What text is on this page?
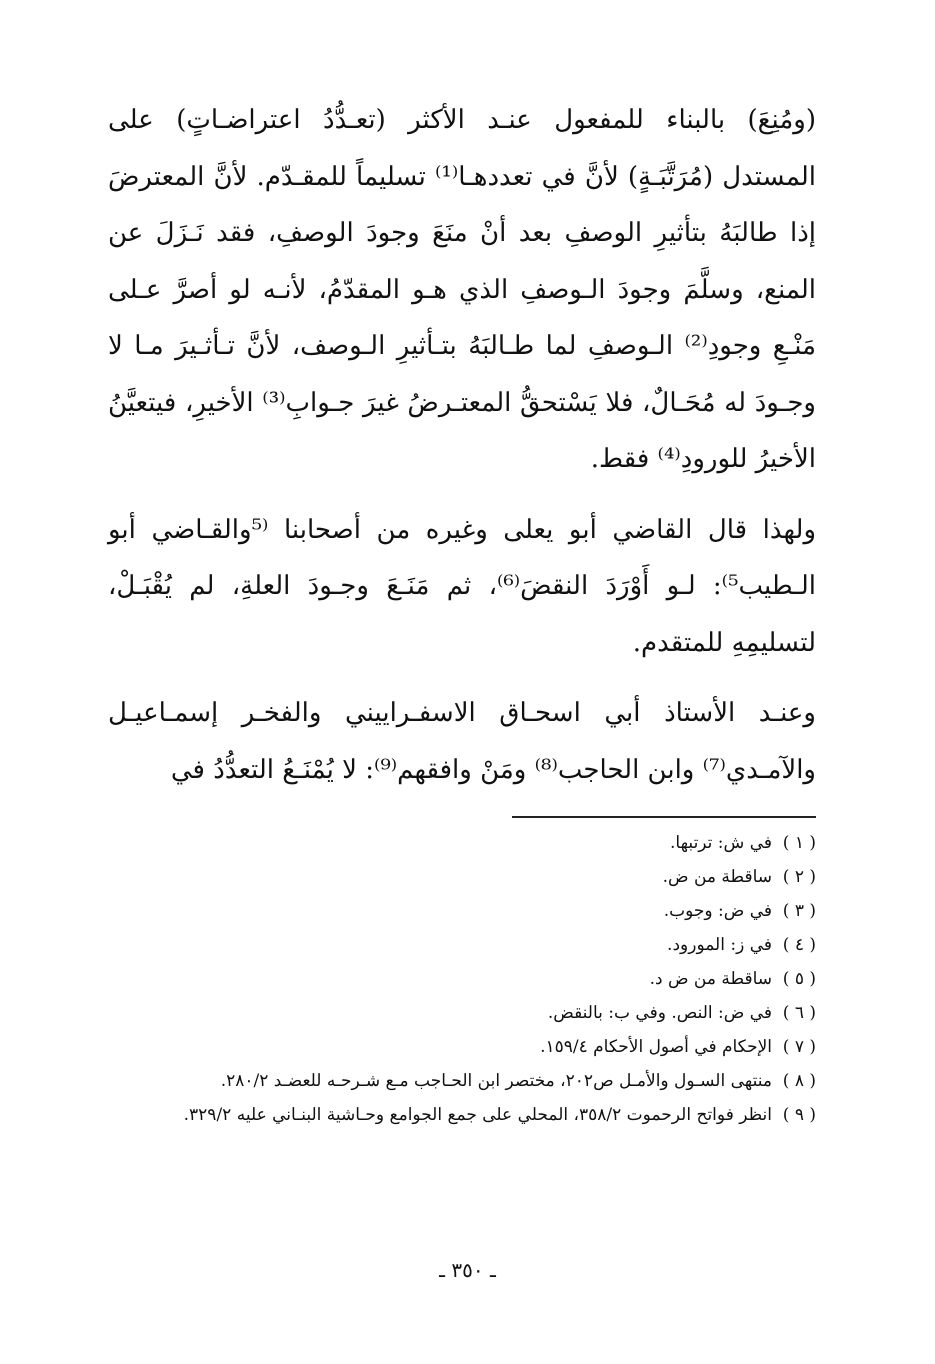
(ومُنِعَ) بالبناء للمفعول عنـد الأكثر (تعـدُّدُ اعتراضـاتٍ) على المستدل (مُرَتَّبَـةٍ) لأنَّ في تعددهـا⁽¹⁾ تسليماً للمقـدّم. لأنَّ المعترضَ إذا طالبَهُ بتأثيرِ الوصفِ بعد أنْ منَعَ وجودَ الوصفِ، فقد نَـزَلَ عن المنع، وسلَّمَ وجودَ الـوصفِ الذي هـو المقدّمُ، لأنـه لو أصرَّ عـلى مَنْـعِ وجودِ⁽²⁾ الـوصفِ لما طـالبَهُ بتـأثيرِ الـوصف، لأنَّ تـأثـيرَ مـا لا وجـودَ له مُحَـالٌ، فلا يَسْتحقُّ المعتـرضُ غيرَ جـوابِ⁽³⁾ الأخيرِ، فيتعيَّنُ الأخيرُ للورودِ⁽⁴⁾ فقط.

ولهذا قال القاضي أبو يعلى وغيره من أصحابنا ⁽⁵والقـاضي أبو الـطيب⁵⁾: لـو أَوْرَدَ النقضَ⁽⁶⁾، ثم مَنَـعَ وجـودَ العلةِ، لم يُقْبَـلْ، لتسليمِهِ للمتقدم.

وعنـد الأستاذ أبي اسحـاق الاسفـراييني والفخـر إسمـاعيـل والآمـدي⁽⁷⁾ وابن الحاجب⁽⁸⁾ ومَنْ وافقهم⁽⁹⁾: لا يُمْنَـعُ التعدُّدُ في

( ١ )
في ش: ترتبها.
( ٢ )
ساقطة من ض.
( ٣ )
في ض: وجوب.
( ٤ )
في ز: المورود.
( ٥ )
ساقطة من ض د.
( ٦ )
في ض: النص. وفي ب: بالنقض.
( ٧ )
الإحكام في أصول الأحكام ١٥٩/٤.
( ٨ )
منتهى السـول والأمـل ص٢٠٢، مختصر ابن الحـاجب مـع شـرحـه للعضـد ٢٨٠/٢.
( ٩ )
انظر فواتح الرحموت ٣٥٨/٢، المحلي على جمع الجوامع وحـاشية البنـاني عليه ٣٢٩/٢.
ـ ٣٥٠ ـ
